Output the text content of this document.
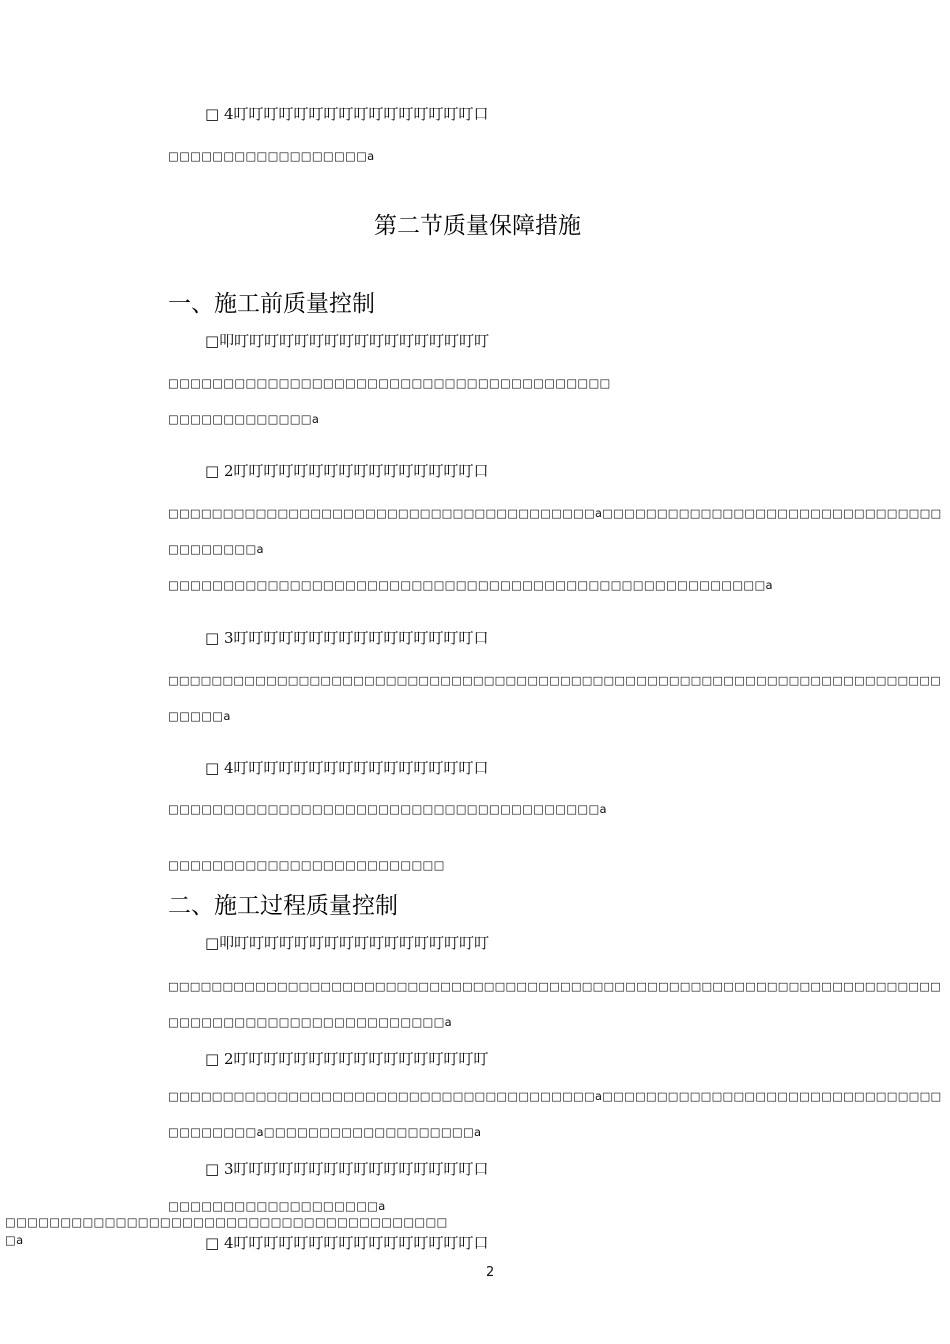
□ 4叮叮叮叮叮叮叮叮叮叮叮叮叮叮叮叮口
□□□□□□□□□□□□□□□□□□a
第二节质量保障措施
一、施工前质量控制
□叩叮叮叮叮叮叮叮叮叮叮叮叮叮叮叮叮叮
□□□□□□□□□□□□□□□□□□□□□□□□□□□□□□□□□□□□□□□□
□□□□□□□□□□□□□a
□ 2叮叮叮叮叮叮叮叮叮叮叮叮叮叮叮叮口
□□□□□□□□□□□□□□□□□□□□□□□□□□□□□□□□□□□□□□□a□□□□□□□□□□□□□□□□□□□□□□□□□□□□□□□
□□□□□□□□a
□□□□□□□□□□□□□□□□□□□□□□□□□□□□□□□□□□□□□□□□□□□□□□□□□□□□□□a
□ 3叮叮叮叮叮叮叮叮叮叮叮叮叮叮叮叮口
□□□□□□□□□□□□□□□□□□□□□□□□□□□□□□□□□□□□□□□□□□□□□□□□□□□□□□□□□□□□□□□□□□□□□□□
□□□□□a
□ 4叮叮叮叮叮叮叮叮叮叮叮叮叮叮叮叮口
□□□□□□□□□□□□□□□□□□□□□□□□□□□□□□□□□□□□□□□a
□□□□□□□□□□□□□□□□□□□□□□□□□
二、施工过程质量控制
□叩叮叮叮叮叮叮叮叮叮叮叮叮叮叮叮叮叮
□□□□□□□□□□□□□□□□□□□□□□□□□□□□□□□□□□□□□□□□□□□□□□□□□□□□□□□□□□□□□□□□□□□□□□□
□□□□□□□□□□□□□□□□□□□□□□□□□a
□ 2叮叮叮叮叮叮叮叮叮叮叮叮叮叮叮叮叮
□□□□□□□□□□□□□□□□□□□□□□□□□□□□□□□□□□□□□□□a□□□□□□□□□□□□□□□□□□□□□□□□□□□□□□□
□□□□□□□□a□□□□□□□□□□□□□□□□□□□a
□ 3叮叮叮叮叮叮叮叮叮叮叮叮叮叮叮叮口
□□□□□□□□□□□□□□□□□□□a
□□□□□□□□□□□□□□□□□□□□□□□□□□□□□□□□□□□□□□□□
□a	□ 4叮叮叮叮叮叮叮叮叮叮叮叮叮叮叮叮口
2
